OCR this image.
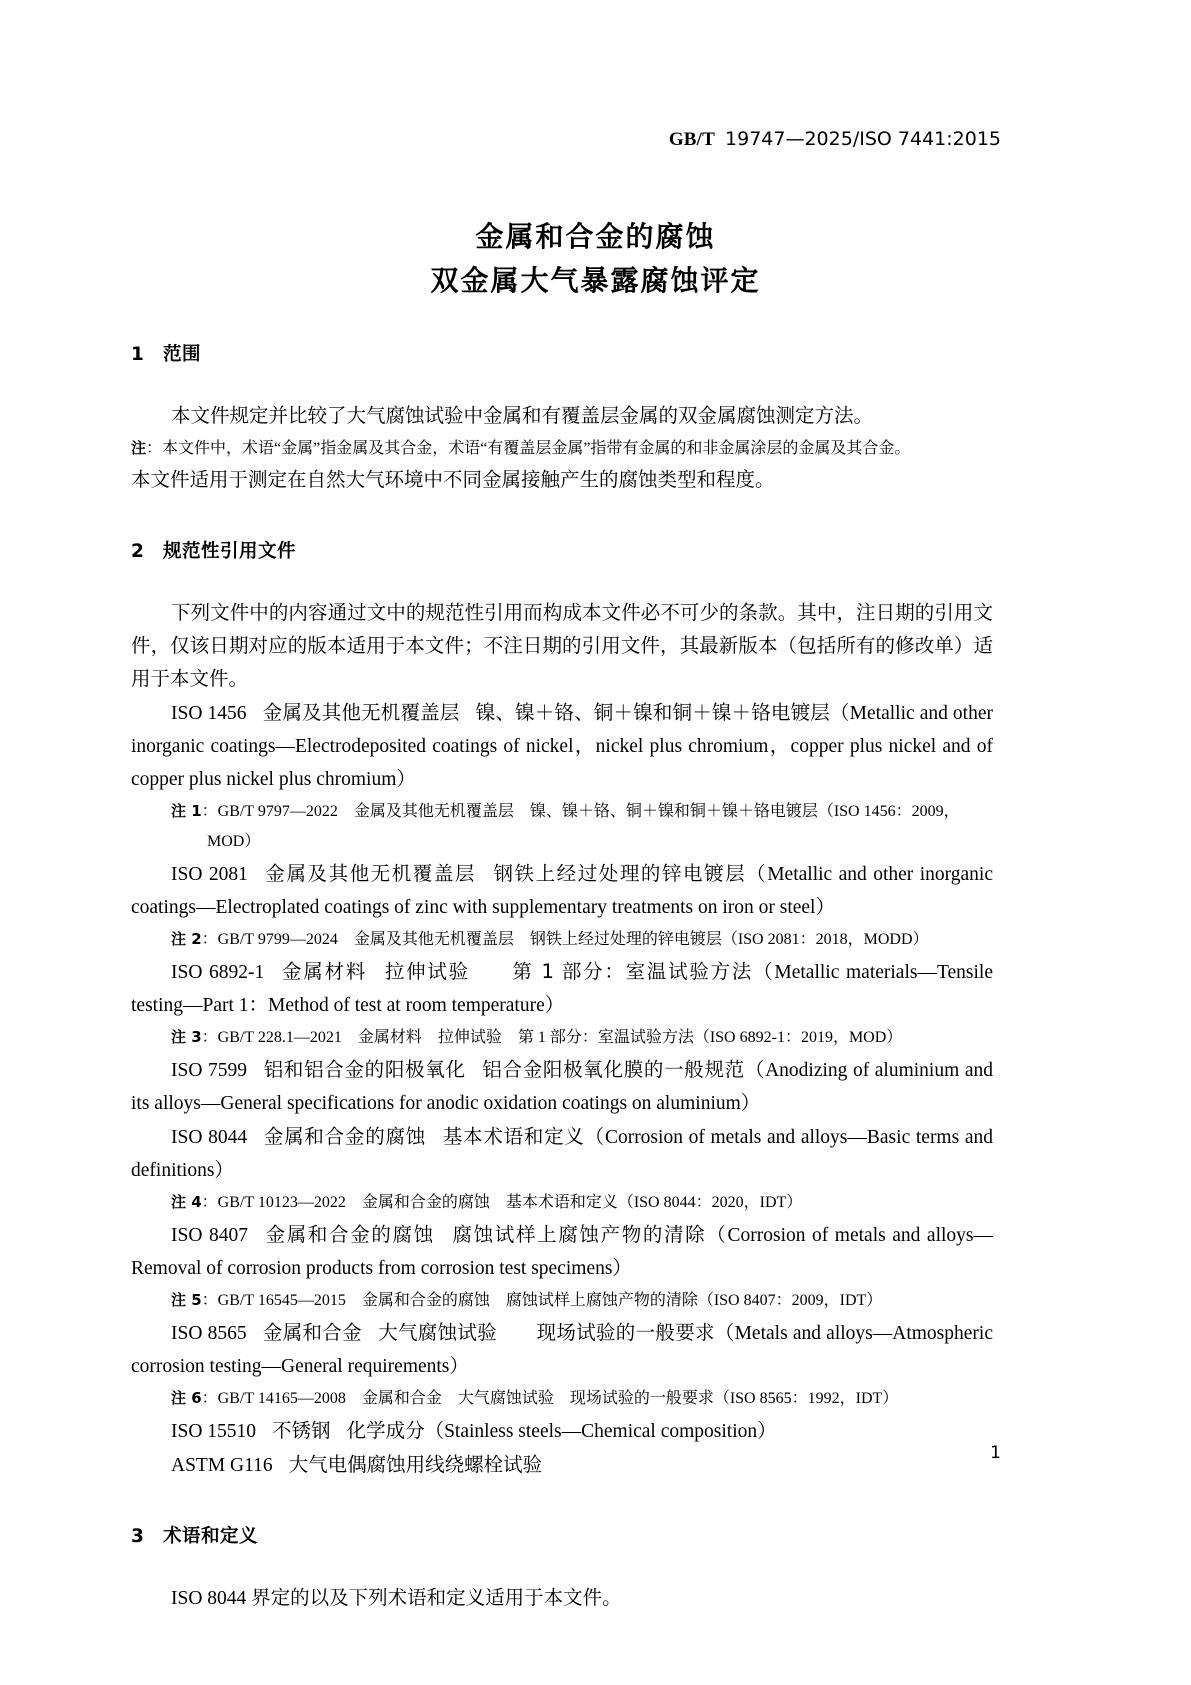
GB/T 19747—2025/ISO 7441:2015
金属和合金的腐蚀
双金属大气暴露腐蚀评定
1	范围

本文件规定并比较了大气腐蚀试验中金属和有覆盖层金属的双金属腐蚀测定方法。

注：本文件中，术语“金属”指金属及其合金，术语“有覆盖层金属”指带有金属的和非金属涂层的金属及其合金。

本文件适用于测定在自然大气环境中不同金属接触产生的腐蚀类型和程度。

2	规范性引用文件

下列文件中的内容通过文中的规范性引用而构成本文件必不可少的条款。其中，注日期的引用文件，仅该日期对应的版本适用于本文件；不注日期的引用文件，其最新版本（包括所有的修改单）适用于本文件。

ISO 1456 金属及其他无机覆盖层 镍、镍＋铬、铜＋镍和铜＋镍＋铬电镀层（Metallic and other inorganic coatings—Electrodeposited coatings of nickel，nickel plus chromium，copper plus nickel and of copper plus nickel plus chromium）

注 1：GB/T 9797—2022　金属及其他无机覆盖层　镍、镍＋铬、铜＋镍和铜＋镍＋铬电镀层（ISO 1456：2009，
MOD）

ISO 2081 金属及其他无机覆盖层 钢铁上经过处理的锌电镀层（Metallic and other inorganic coatings—Electroplated coatings of zinc with supplementary treatments on iron or steel）

注 2：GB/T 9799—2024　金属及其他无机覆盖层　钢铁上经过处理的锌电镀层（ISO 2081：2018，MODD）

ISO 6892-1 金属材料 拉伸试验　　第 1 部分：室温试验方法（Metallic materials—Tensile testing—Part 1：Method of test at room temperature）

注 3：GB/T 228.1—2021　金属材料　拉伸试验　第 1 部分：室温试验方法（ISO 6892-1：2019，MOD）

ISO 7599 铝和铝合金的阳极氧化 铝合金阳极氧化膜的一般规范（Anodizing of aluminium and its alloys—General specifications for anodic oxidation coatings on aluminium）

ISO 8044 金属和合金的腐蚀 基本术语和定义（Corrosion of metals and alloys—Basic terms and definitions）

注 4：GB/T 10123—2022　金属和合金的腐蚀　基本术语和定义（ISO 8044：2020，IDT）

ISO 8407 金属和合金的腐蚀 腐蚀试样上腐蚀产物的清除（Corrosion of metals and alloys—Removal of corrosion products from corrosion test specimens）

注 5：GB/T 16545—2015　金属和合金的腐蚀　腐蚀试样上腐蚀产物的清除（ISO 8407：2009，IDT）

ISO 8565 金属和合金 大气腐蚀试验　　现场试验的一般要求（Metals and alloys—Atmospheric corrosion testing—General requirements）

注 6：GB/T 14165—2008　金属和合金　大气腐蚀试验　现场试验的一般要求（ISO 8565：1992，IDT）

ISO 15510 不锈钢 化学成分（Stainless steels—Chemical composition）

ASTM G116 大气电偶腐蚀用线绕螺栓试验

3	术语和定义

ISO 8044 界定的以及下列术语和定义适用于本文件。

1
